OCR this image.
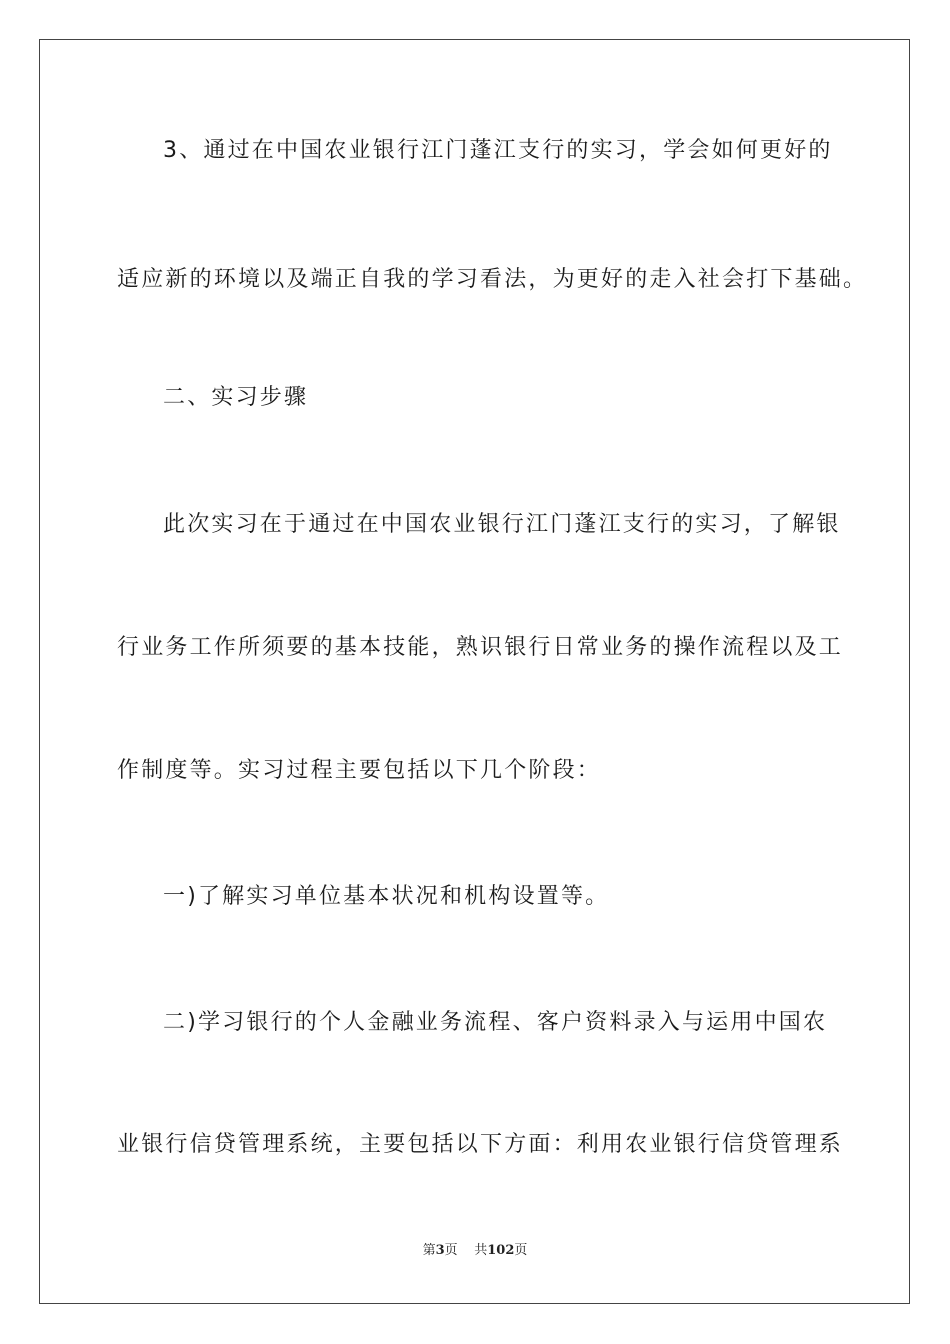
3、通过在中国农业银行江门蓬江支行的实习，学会如何更好的
适应新的环境以及端正自我的学习看法，为更好的走入社会打下基础。
二、实习步骤
此次实习在于通过在中国农业银行江门蓬江支行的实习，了解银
行业务工作所须要的基本技能，熟识银行日常业务的操作流程以及工
作制度等。实习过程主要包括以下几个阶段：
一)了解实习单位基本状况和机构设置等。
二)学习银行的个人金融业务流程、客户资料录入与运用中国农
业银行信贷管理系统，主要包括以下方面：利用农业银行信贷管理系
第3页 共102页
